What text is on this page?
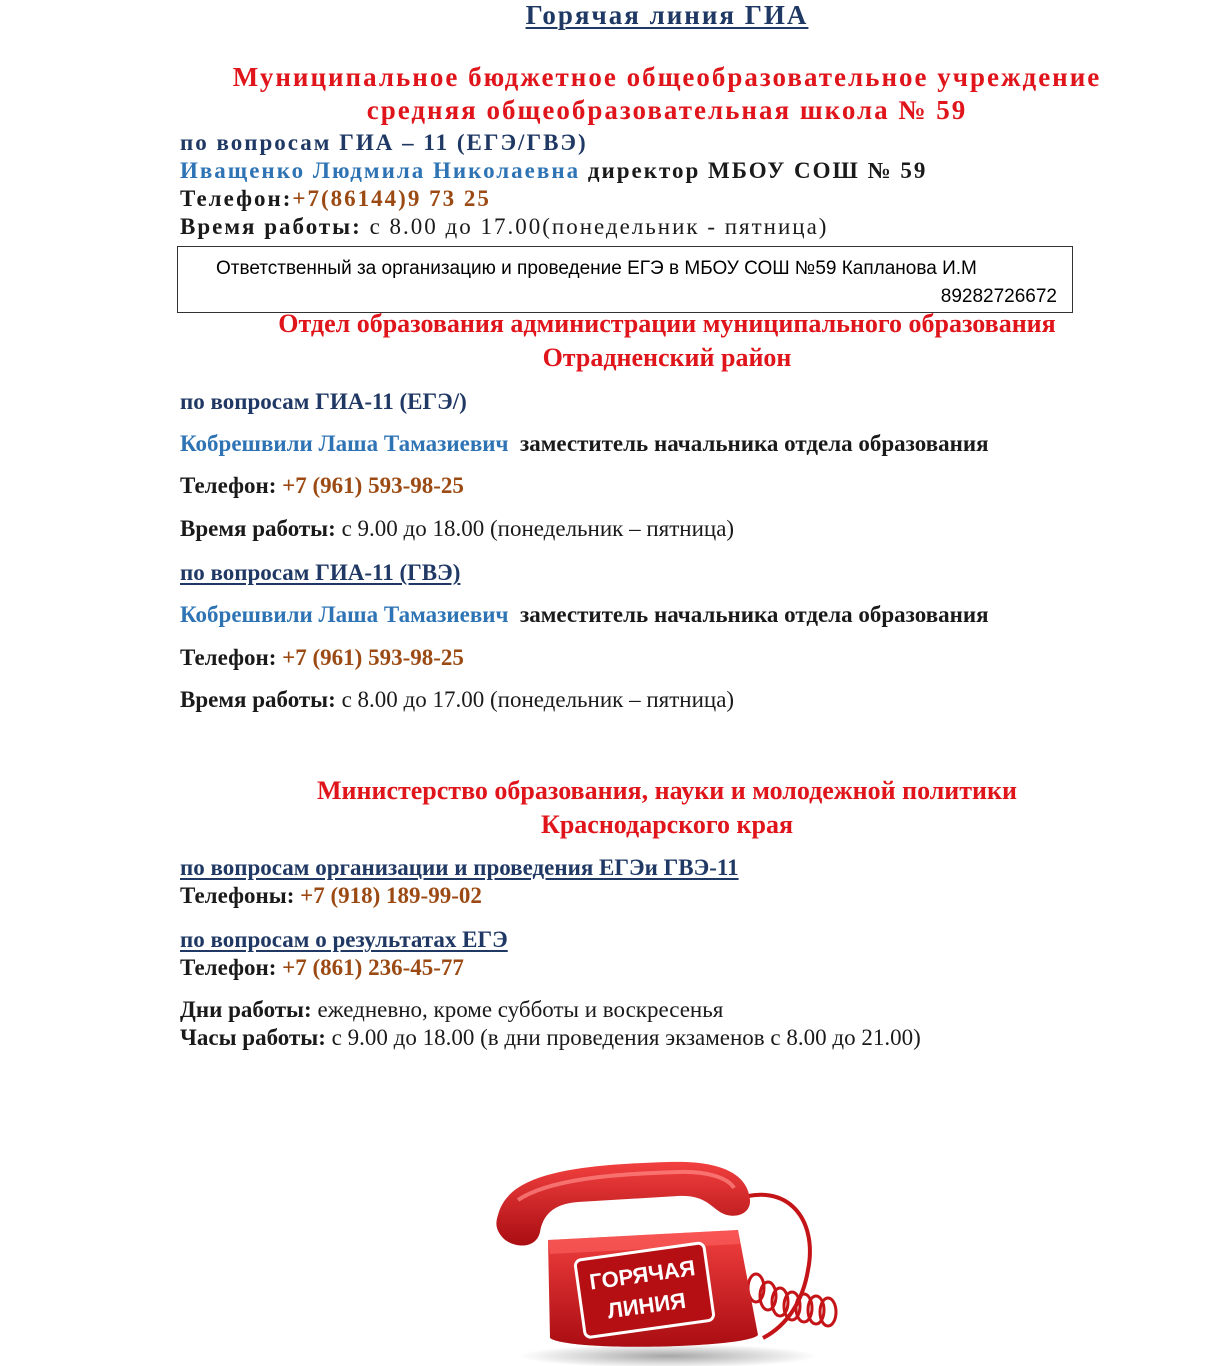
Горячая линия ГИА
Муниципальное бюджетное общеобразовательное учреждение
средняя общеобразовательная школа № 59
по вопросам ГИА – 11 (ЕГЭ/ГВЭ)
Иващенко Людмила Николаевна директор МБОУ СОШ № 59
Телефон:+7(86144)9 73 25
Время работы: с 8.00 до 17.00(понедельник - пятница)
Ответственный за организацию и проведение ЕГЭ в МБОУ СОШ №59 Капланова И.М
89282726672
Отдел образования администрации муниципального образования
Отрадненский район
по вопросам ГИА-11 (ЕГЭ/)
Кобрешвили Лаша Тамазиевич заместитель начальника отдела образования
Телефон: +7 (961) 593-98-25
Время работы: с 9.00 до 18.00 (понедельник – пятница)
по вопросам ГИА-11 (ГВЭ)
Кобрешвили Лаша Тамазиевич заместитель начальника отдела образования
Телефон: +7 (961) 593-98-25
Время работы: с 8.00 до 17.00 (понедельник – пятница)
Министерство образования, науки и молодежной политики
Краснодарского края
по вопросам организации и проведения ЕГЭи ГВЭ-11
Телефоны: +7 (918) 189-99-02
по вопросам о результатах ЕГЭ
Телефон: +7 (861) 236-45-77
Дни работы: ежедневно, кроме субботы и воскресенья
Часы работы: с 9.00 до 18.00 (в дни проведения экзаменов с 8.00 до 21.00)
ГОРЯЧАЯ
ЛИНИЯ
